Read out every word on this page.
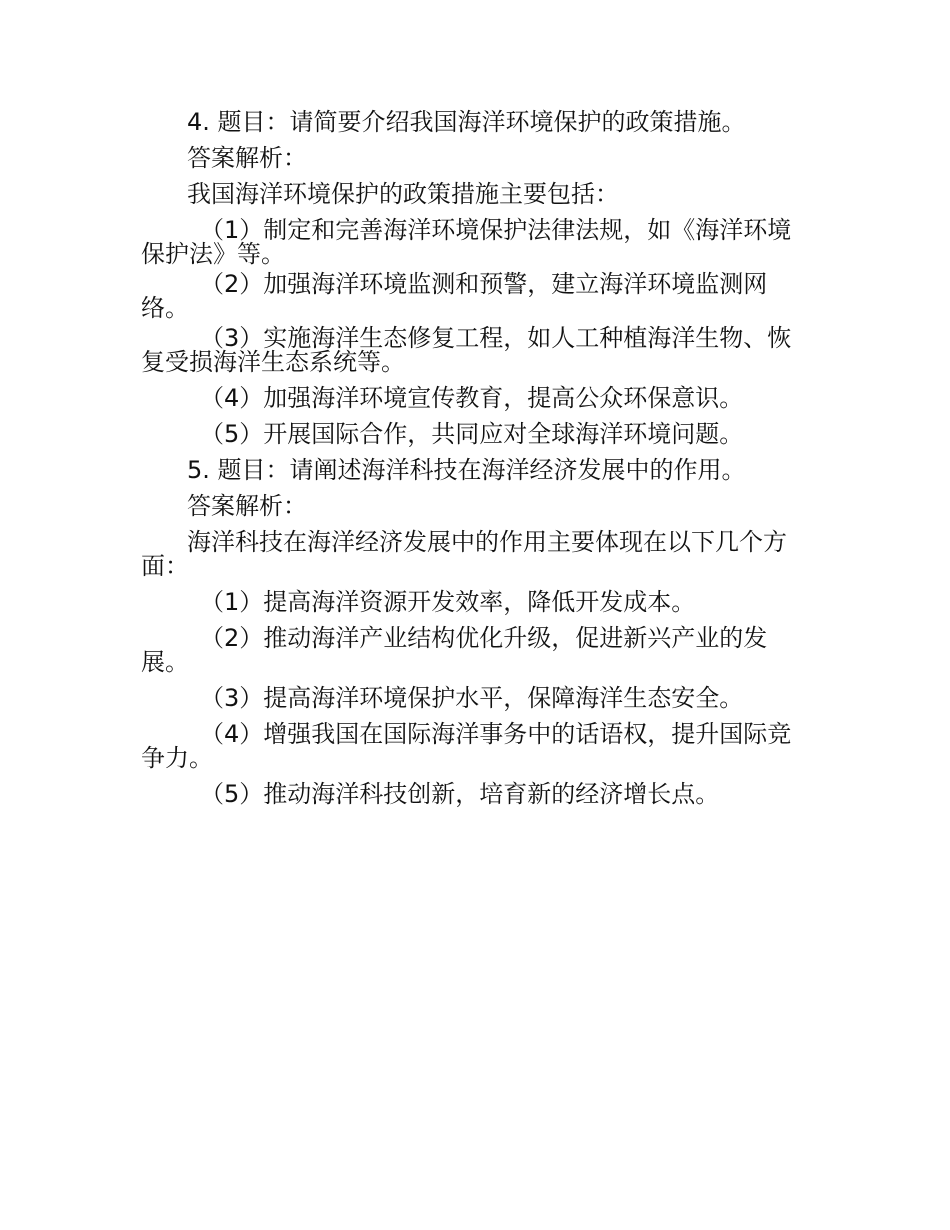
4. 题目：请简要介绍我国海洋环境保护的政策措施。
答案解析：
我国海洋环境保护的政策措施主要包括：
（1）制定和完善海洋环境保护法律法规，如《海洋环境保护法》等。
（2）加强海洋环境监测和预警，建立海洋环境监测网络。
（3）实施海洋生态修复工程，如人工种植海洋生物、恢复受损海洋生态系统等。
（4）加强海洋环境宣传教育，提高公众环保意识。
（5）开展国际合作，共同应对全球海洋环境问题。
5. 题目：请阐述海洋科技在海洋经济发展中的作用。
答案解析：
海洋科技在海洋经济发展中的作用主要体现在以下几个方面：
（1）提高海洋资源开发效率，降低开发成本。
（2）推动海洋产业结构优化升级，促进新兴产业的发展。
（3）提高海洋环境保护水平，保障海洋生态安全。
（4）增强我国在国际海洋事务中的话语权，提升国际竞争力。
（5）推动海洋科技创新，培育新的经济增长点。
